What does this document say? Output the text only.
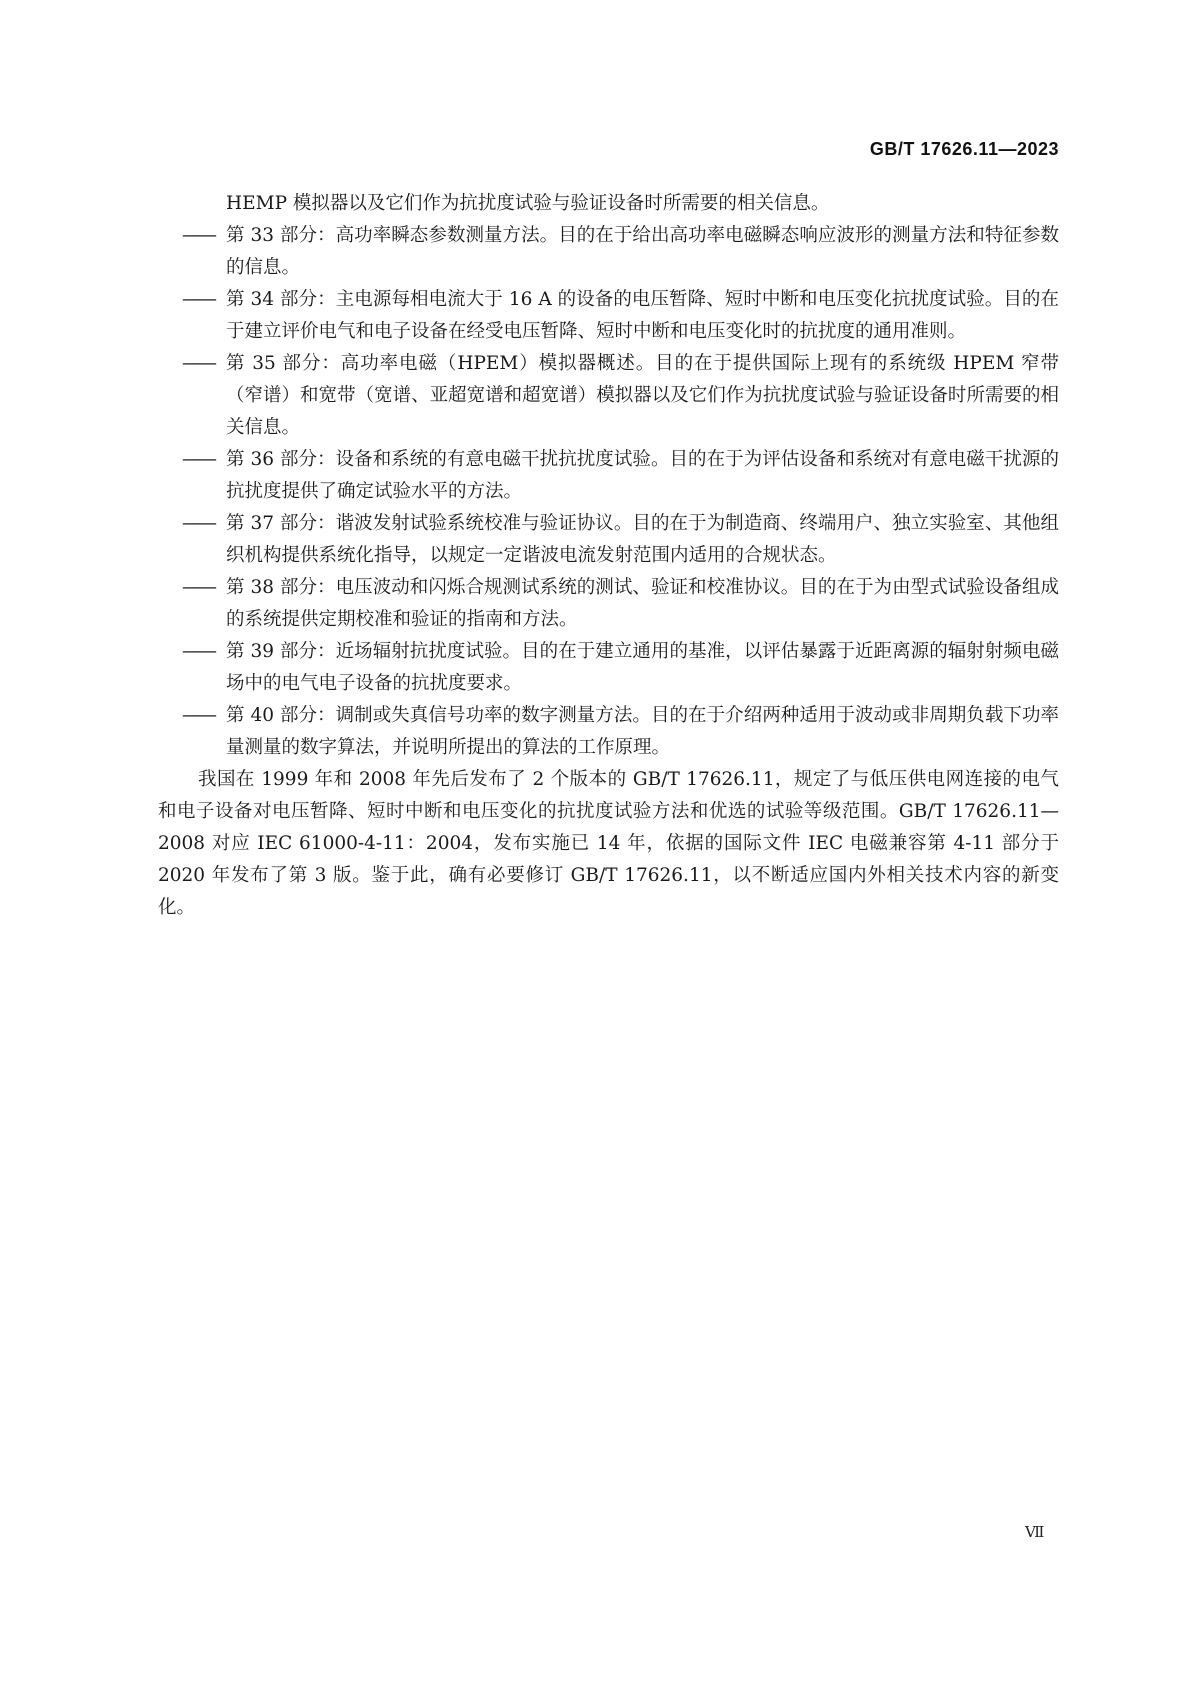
GB/T 17626.11—2023

HEMP 模拟器以及它们作为抗扰度试验与验证设备时所需要的相关信息。

—— 第 33 部分：高功率瞬态参数测量方法。目的在于给出高功率电磁瞬态响应波形的测量方法和特征参数的信息。

—— 第 34 部分：主电源每相电流大于 16 A 的设备的电压暂降、短时中断和电压变化抗扰度试验。目的在于建立评价电气和电子设备在经受电压暂降、短时中断和电压变化时的抗扰度的通用准则。

—— 第 35 部分：高功率电磁（HPEM）模拟器概述。目的在于提供国际上现有的系统级 HPEM 窄带（窄谱）和宽带（宽谱、亚超宽谱和超宽谱）模拟器以及它们作为抗扰度试验与验证设备时所需要的相关信息。

—— 第 36 部分：设备和系统的有意电磁干扰抗扰度试验。目的在于为评估设备和系统对有意电磁干扰源的抗扰度提供了确定试验水平的方法。

—— 第 37 部分：谐波发射试验系统校准与验证协议。目的在于为制造商、终端用户、独立实验室、其他组织机构提供系统化指导，以规定一定谐波电流发射范围内适用的合规状态。

—— 第 38 部分：电压波动和闪烁合规测试系统的测试、验证和校准协议。目的在于为由型式试验设备组成的系统提供定期校准和验证的指南和方法。

—— 第 39 部分：近场辐射抗扰度试验。目的在于建立通用的基准，以评估暴露于近距离源的辐射射频电磁场中的电气电子设备的抗扰度要求。

—— 第 40 部分：调制或失真信号功率的数字测量方法。目的在于介绍两种适用于波动或非周期负载下功率量测量的数字算法，并说明所提出的算法的工作原理。

我国在 1999 年和 2008 年先后发布了 2 个版本的 GB/T 17626.11，规定了与低压供电网连接的电气和电子设备对电压暂降、短时中断和电压变化的抗扰度试验方法和优选的试验等级范围。GB/T 17626.11—2008 对应 IEC 61000-4-11：2004，发布实施已 14 年，依据的国际文件 IEC 电磁兼容第 4-11 部分于 2020 年发布了第 3 版。鉴于此，确有必要修订 GB/T 17626.11，以不断适应国内外相关技术内容的新变化。

Ⅶ
